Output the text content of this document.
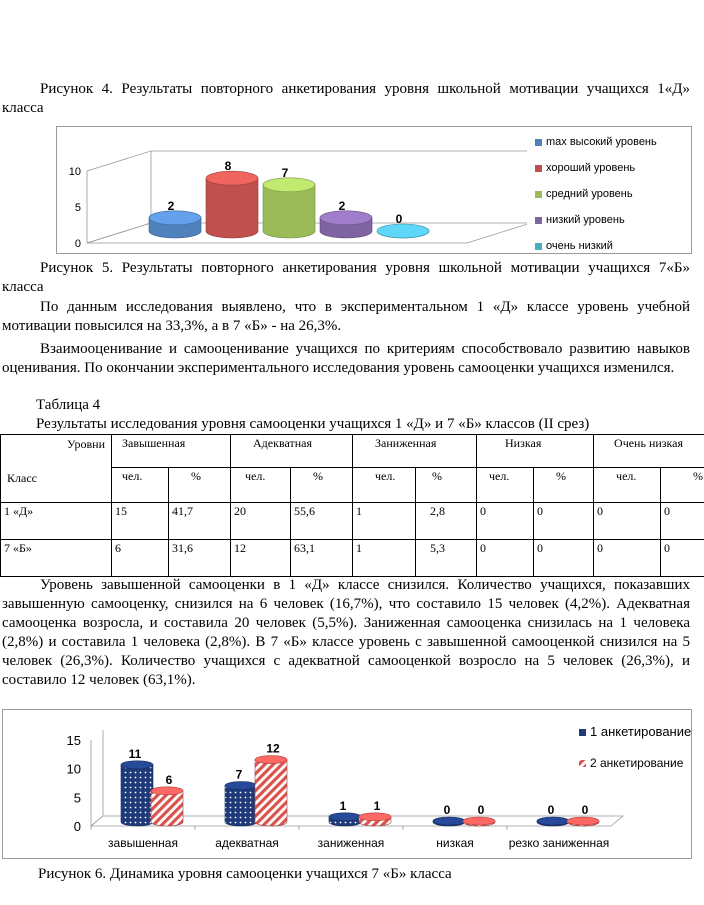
Рисунок 4. Результаты повторного анкетирования уровня школьной мотивации учащихся 1«Д» класса
0
5
10
2
8	7
2
0
max высокий уровень
хороший уровень
средний уровень
низкий уровень
очень низкий
Рисунок 5. Результаты повторного анкетирования уровня школьной мотивации учащихся 7«Б» класса
По данным исследования выявлено, что в экспериментальном 1 «Д» классе уровень учебной мотивации повысился на 33,3%, а в 7 «Б» - на 26,3%.
Взаимооценивание и самооценивание учащихся по критериям способствовало развитию навыков оценивания. По окончании экспериментального исследования уровень самооценки учащихся изменился.
Таблица 4
Результаты исследования уровня самооценки учащихся 1 «Д» и 7 «Б» классов (II срез)
Уровни
Класс	Завышенная		Адекватная		Заниженная		Низкая		Очень низкая	
	чел.	%	чел.	%	чел.	%	чел.	%	чел.	%
1 «Д»	15	41,7	20	55,6	1	2,8	0	0	0	0
7 «Б»	6	31,6	12	63,1	1	5,3	0	0	0	0
Уровень завышенной самооценки в 1 «Д» классе снизился. Количество учащихся, показавших завышенную самооценку, снизился на 6 человек (16,7%), что составило 15 человек (4,2%). Адекватная самооценка возросла, и составила 20 человек (5,5%). Заниженная самооценка снизилась на 1 человека (2,8%) и составила 1 человека (2,8%). В 7 «Б» классе уровень с завышенной самооценкой снизился на 5 человек (26,3%). Количество учащихся с адекватной самооценкой возросло на 5 человек (26,3%), и составило 12 человек (63,1%).
0
5
10
15
завышенная
11
6
адекватная
7
12
заниженная
1 1
низкая
0 0
резко заниженная
0 0
1 анкетирование
2 анкетирование
Рисунок 6. Динамика уровня самооценки учащихся 7 «Б» класса
